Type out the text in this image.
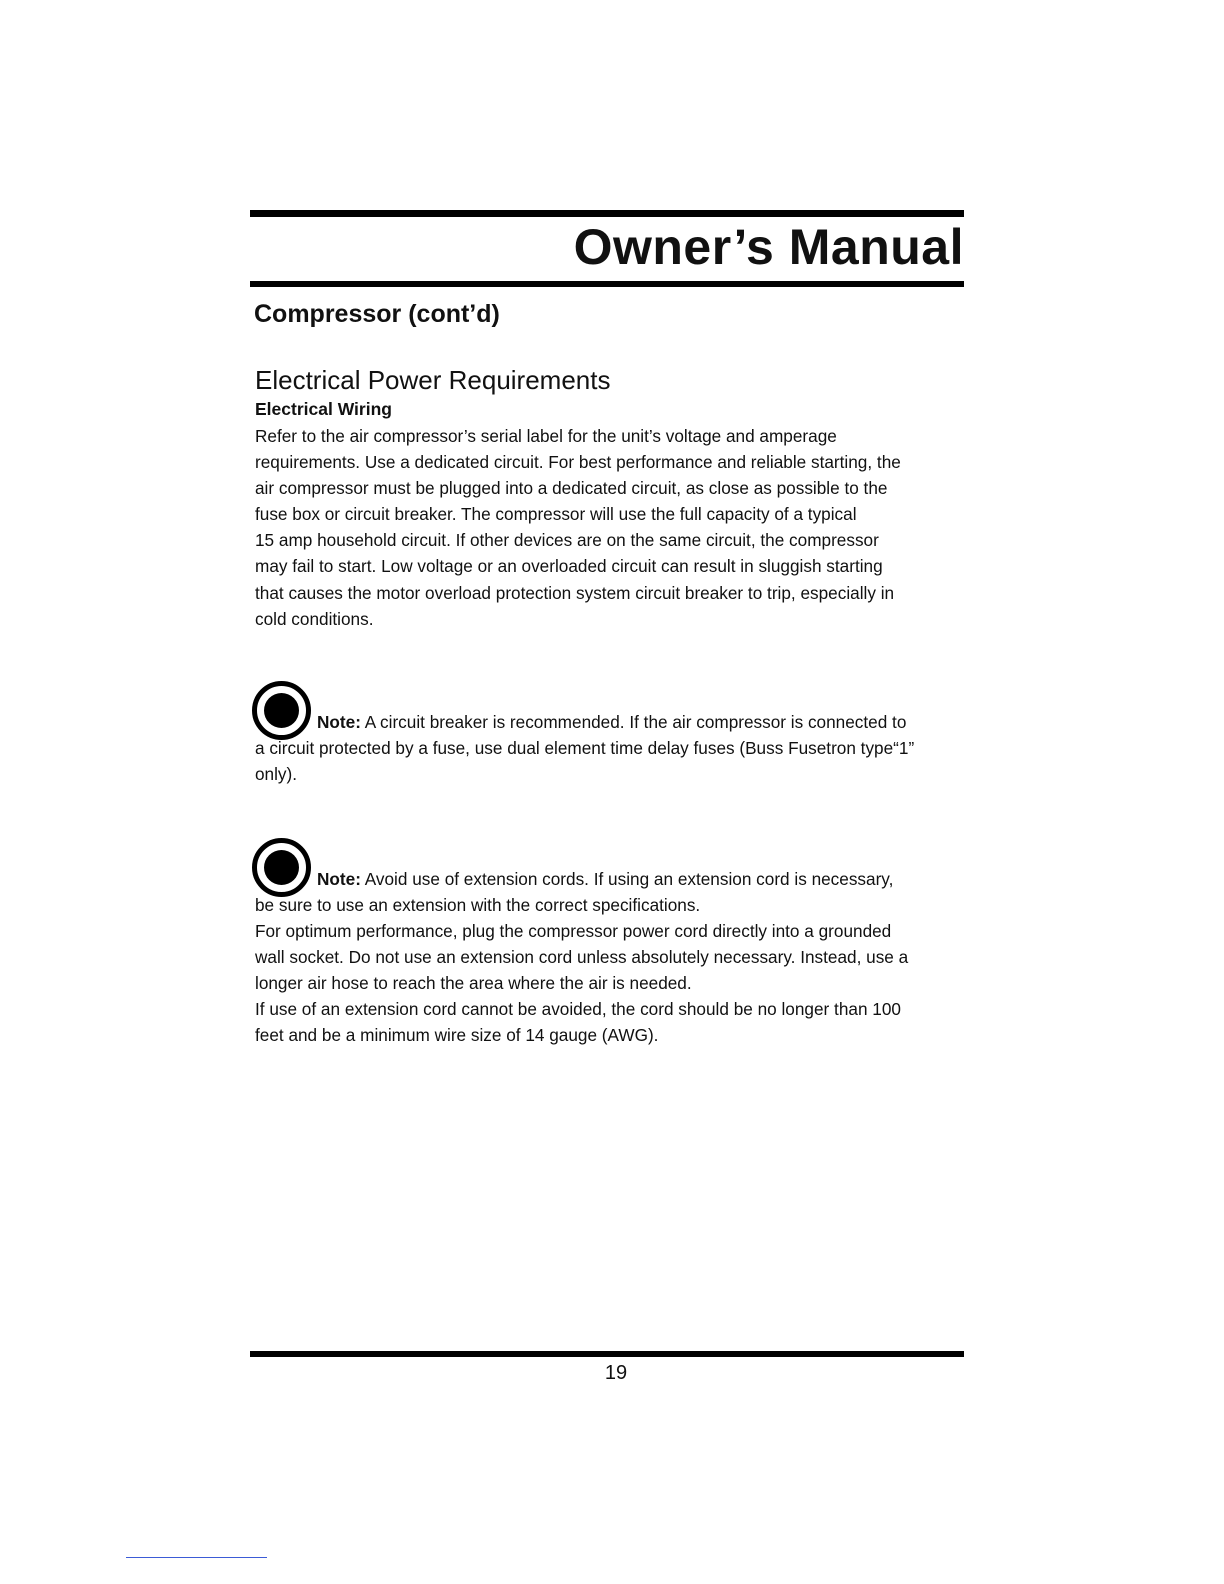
Owner’s Manual
Compressor (cont’d)
Electrical Power Requirements
Electrical Wiring
Refer to the air compressor’s serial label for the unit’s voltage and amperage
requirements. Use a dedicated circuit. For best performance and reliable starting, the
air compressor must be plugged into a dedicated circuit, as close as possible to the
fuse box or circuit breaker. The compressor will use the full capacity of a typical
15 amp household circuit. If other devices are on the same circuit, the compressor
may fail to start. Low voltage or an overloaded circuit can result in sluggish starting
that causes the motor overload protection system circuit breaker to trip, especially in
cold conditions.
Note: A circuit breaker is recommended. If the air compressor is connected to
a circuit protected by a fuse, use dual element time delay fuses (Buss Fusetron type“1”
only).
Note: Avoid use of extension cords. If using an extension cord is necessary,
be sure to use an extension with the correct specifications.
For optimum performance, plug the compressor power cord directly into a grounded
wall socket. Do not use an extension cord unless absolutely necessary. Instead, use a
longer air hose to reach the area where the air is needed.
If use of an extension cord cannot be avoided, the cord should be no longer than 100
feet and be a minimum wire size of 14 gauge (AWG).
19
